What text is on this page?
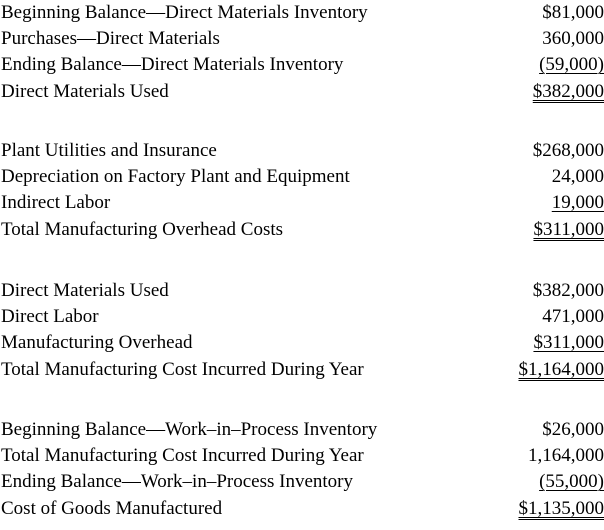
Beginning Balance—Direct Materials Inventory	$81,000
Purchases—Direct Materials	360,000
Ending Balance—Direct Materials Inventory	(59,000)
Direct Materials Used	$382,000
Plant Utilities and Insurance	$268,000
Depreciation on Factory Plant and Equipment	24,000
Indirect Labor	19,000
Total Manufacturing Overhead Costs	$311,000
Direct Materials Used	$382,000
Direct Labor	471,000
Manufacturing Overhead	$311,000
Total Manufacturing Cost Incurred During Year	$1,164,000
Beginning Balance—Work–in–Process Inventory	$26,000
Total Manufacturing Cost Incurred During Year	1,164,000
Ending Balance—Work–in–Process Inventory	(55,000)
Cost of Goods Manufactured	$1,135,000
